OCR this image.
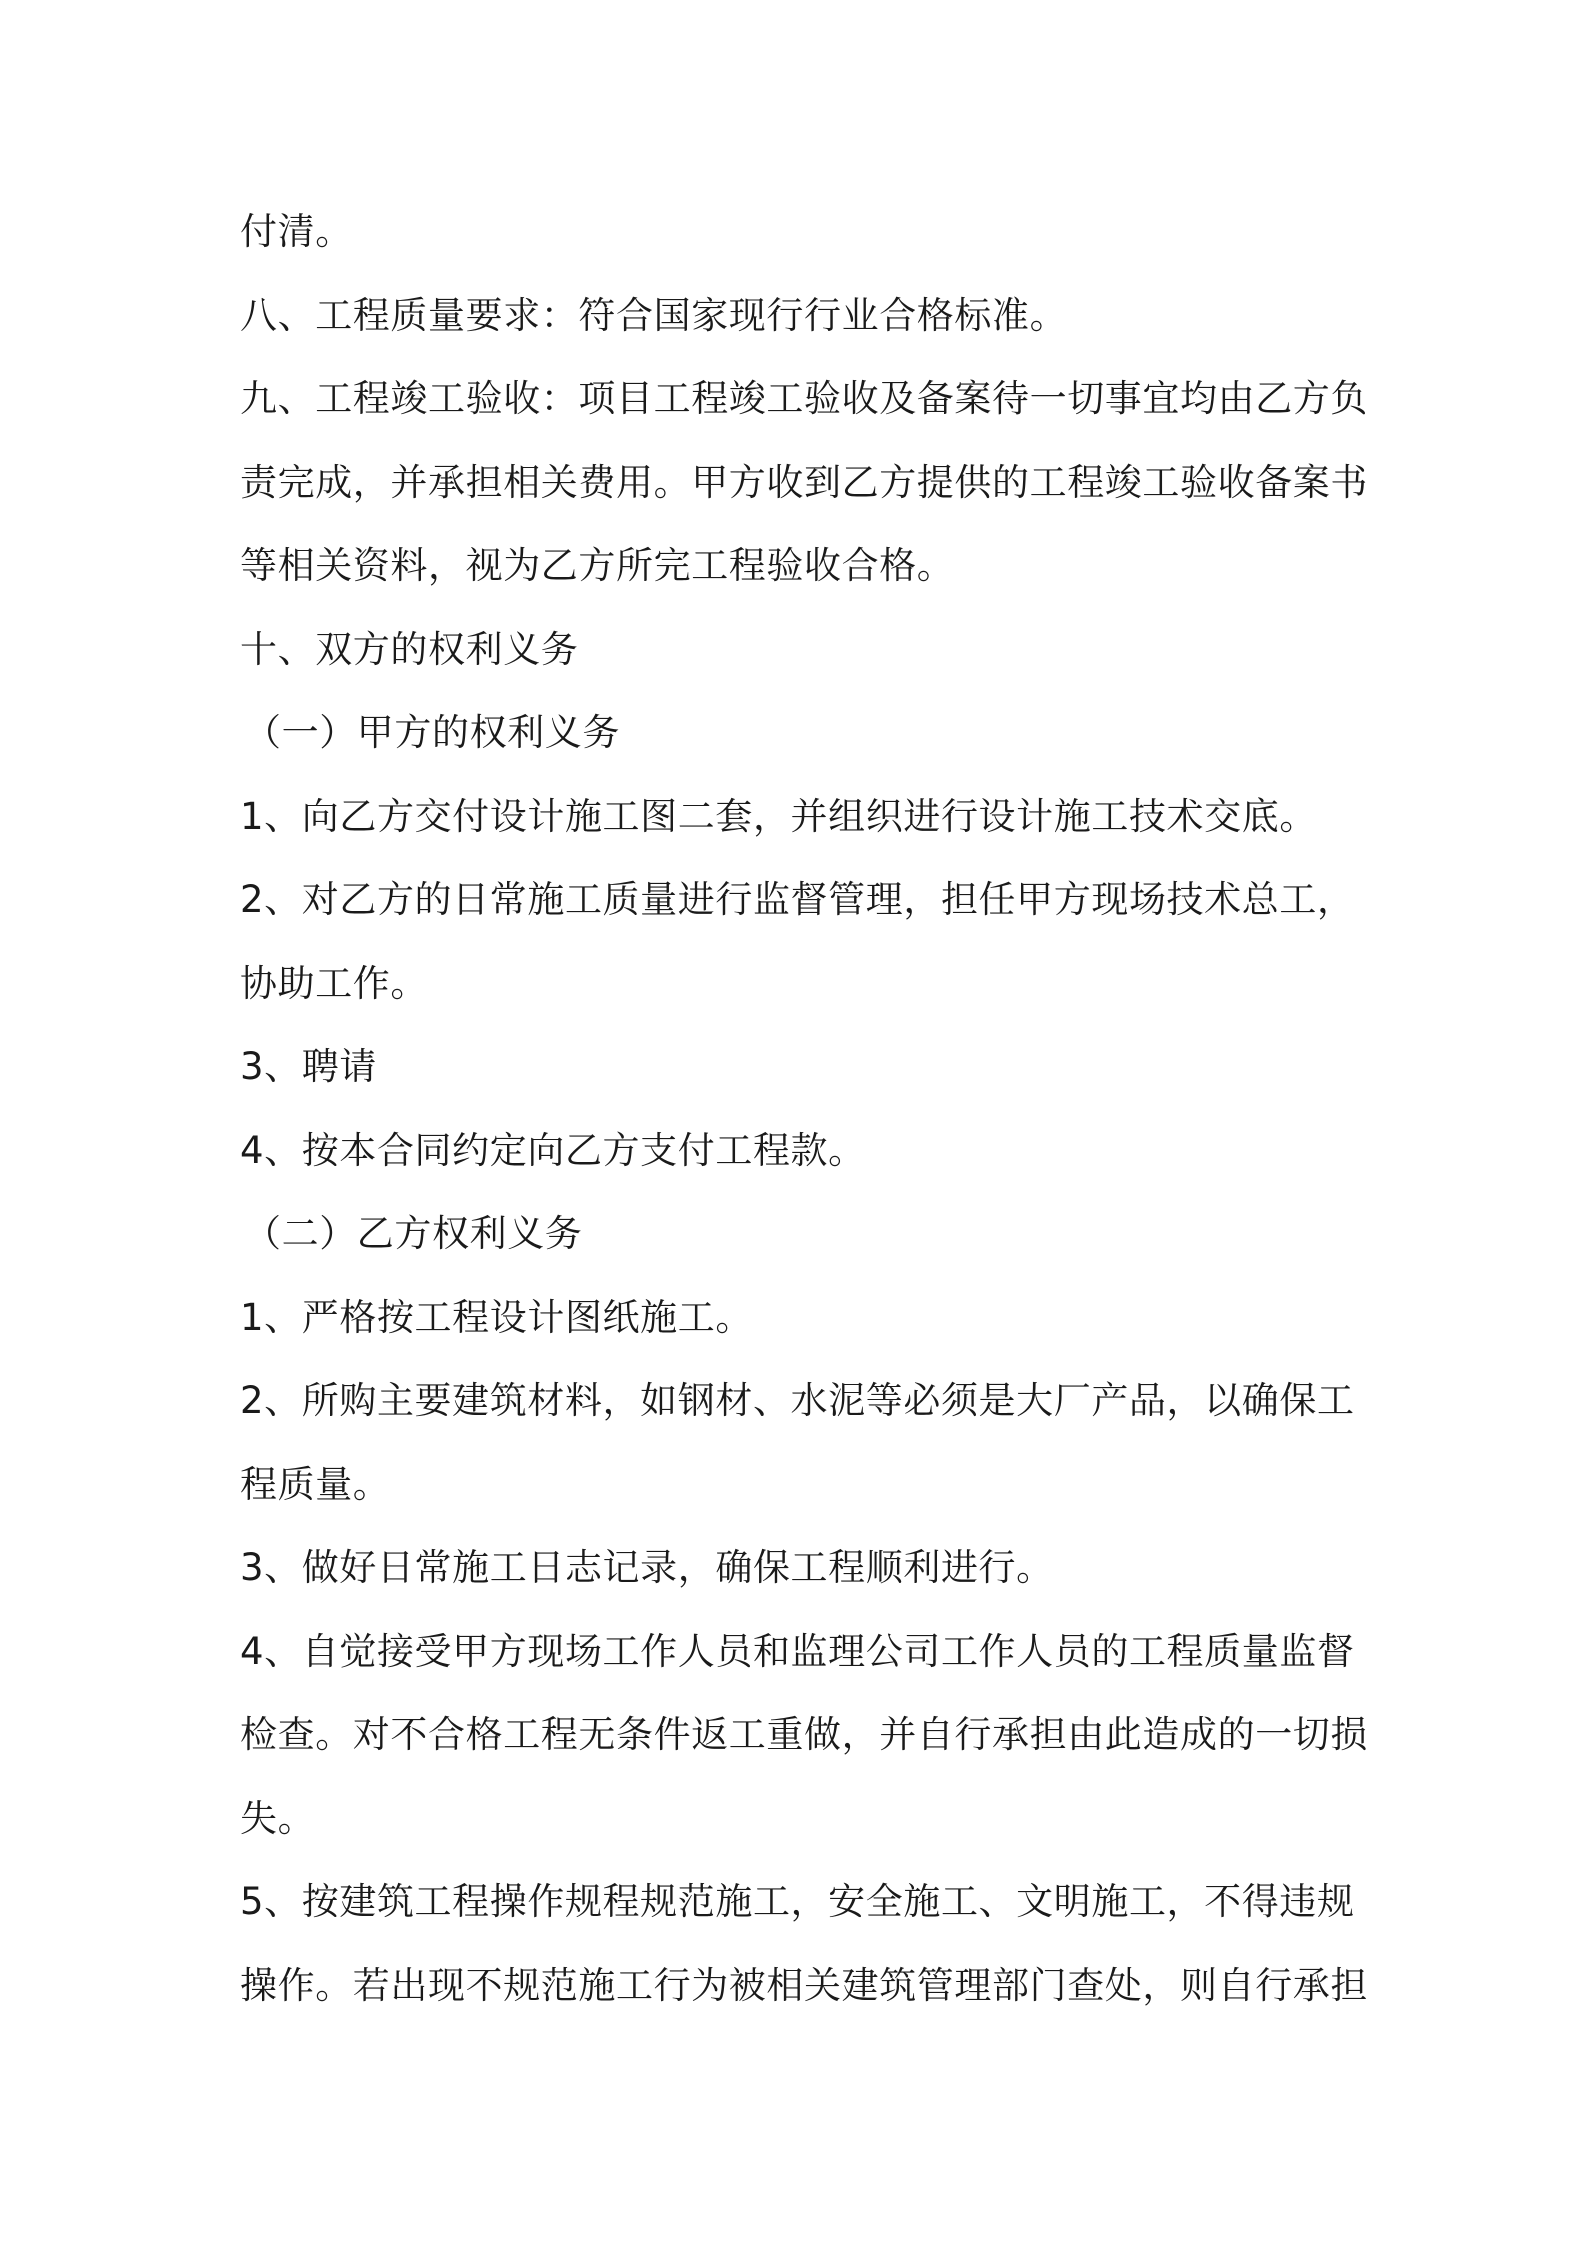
付清。
八、工程质量要求：符合国家现行行业合格标准。
九、工程竣工验收：项目工程竣工验收及备案待一切事宜均由乙方负
责完成，并承担相关费用。甲方收到乙方提供的工程竣工验收备案书
等相关资料，视为乙方所完工程验收合格。
十、双方的权利义务
（一）甲方的权利义务
1、向乙方交付设计施工图二套，并组织进行设计施工技术交底。
2、对乙方的日常施工质量进行监督管理，担任甲方现场技术总工，
协助工作。
3、聘请
4、按本合同约定向乙方支付工程款。
（二）乙方权利义务
1、严格按工程设计图纸施工。
2、所购主要建筑材料，如钢材、水泥等必须是大厂产品，以确保工
程质量。
3、做好日常施工日志记录，确保工程顺利进行。
4、自觉接受甲方现场工作人员和监理公司工作人员的工程质量监督
检查。对不合格工程无条件返工重做，并自行承担由此造成的一切损
失。
5、按建筑工程操作规程规范施工，安全施工、文明施工，不得违规
操作。若出现不规范施工行为被相关建筑管理部门查处，则自行承担
